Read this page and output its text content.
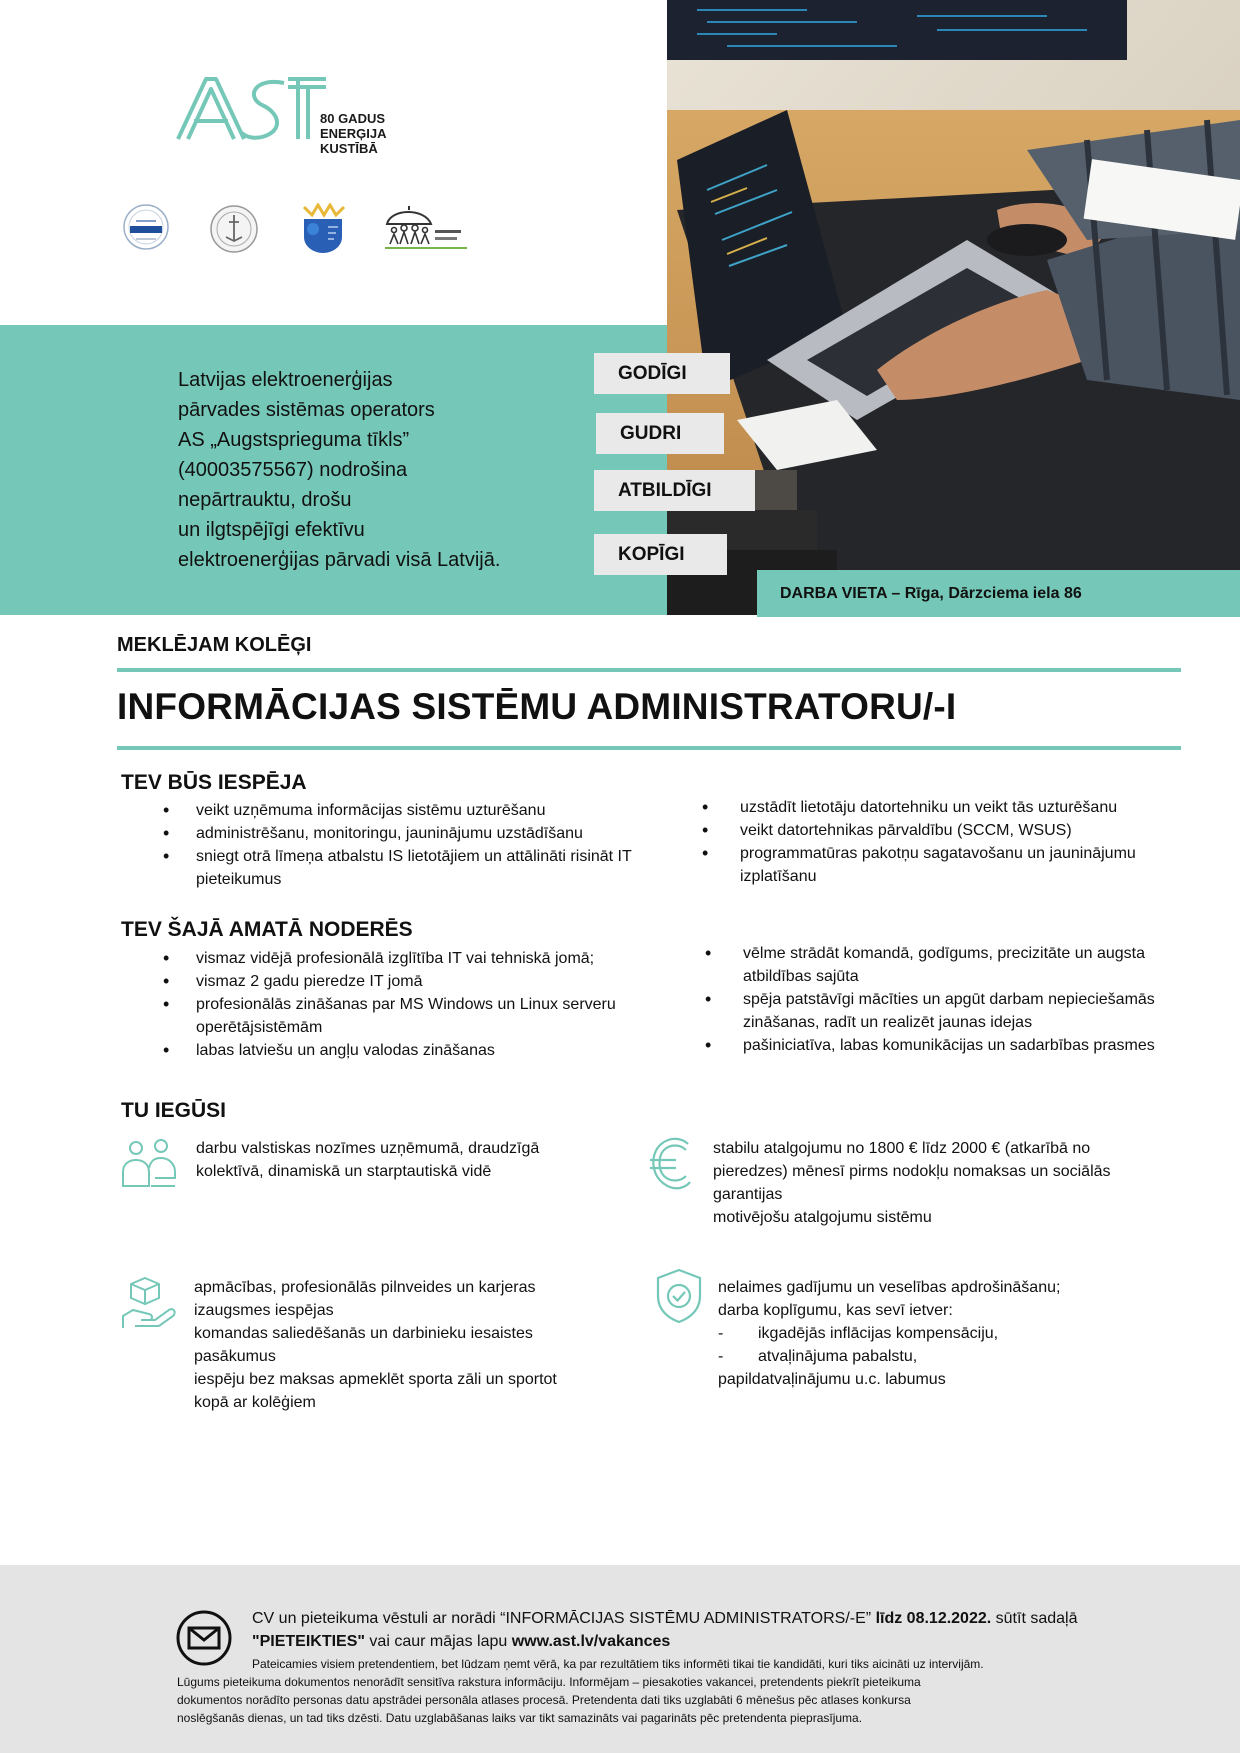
80 GADUS
ENERĢIJA
KUSTĪBĀ
Latvijas elektroenerģijas
pārvades sistēmas operators
AS „Augstsprieguma tīkls”
(40003575567) nodrošina
nepārtrauktu, drošu
un ilgtspējīgi efektīvu
elektroenerģijas pārvadi visā Latvijā.
GODĪGI
GUDRI
ATBILDĪGI
KOPĪGI
DARBA VIETA – Rīga, Dārzciema iela 86
MEKLĒJAM KOLĒĢI
INFORMĀCIJAS SISTĒMU ADMINISTRATORU/-I
TEV BŪS IESPĒJA
• veikt uzņēmuma informācijas sistēmu uzturēšanu
• administrēšanu, monitoringu, jauninājumu uzstādīšanu
• sniegt otrā līmeņa atbalstu IS lietotājiem un attālināti risināt IT pieteikumus
• uzstādīt lietotāju datortehniku un veikt tās uzturēšanu
• veikt datortehnikas pārvaldību (SCCM, WSUS)
• programmatūras pakotņu sagatavošanu un jauninājumu izplatīšanu
TEV ŠAJĀ AMATĀ NODERĒS
• vismaz vidējā profesionālā izglītība IT vai tehniskā jomā;
• vismaz 2 gadu pieredze IT jomā
• profesionālās zināšanas par MS Windows un Linux serveru operētājsistēmām
• labas latviešu un angļu valodas zināšanas
• vēlme strādāt komandā, godīgums, precizitāte un augsta atbildības sajūta
• spēja patstāvīgi mācīties un apgūt darbam nepieciešamās zināšanas, radīt un realizēt jaunas idejas
• pašiniciatīva, labas komunikācijas un sadarbības prasmes
TU IEGŪSI
darbu valstiskas nozīmes uzņēmumā, draudzīgā
kolektīvā, dinamiskā un starptautiskā vidē
stabilu atalgojumu no 1800 € līdz 2000 € (atkarībā no
pieredzes) mēnesī pirms nodokļu nomaksas un sociālās
garantijas
motivējošu atalgojumu sistēmu
apmācības, profesionālās pilnveides un karjeras
izaugsmes iespējas
komandas saliedēšanās un darbinieku iesaistes
pasākumus
iespēju bez maksas apmeklēt sporta zāli un sportot
kopā ar kolēģiem
nelaimes gadījumu un veselības apdrošināšanu;
darba koplīgumu, kas sevī ietver:
-	ikgadējās inflācijas kompensāciju,
-	atvaļinājuma pabalstu,
papildatvaļinājumu u.c. labumus
CV un pieteikuma vēstuli ar norādi “INFORMĀCIJAS SISTĒMU ADMINISTRATORS/-E” līdz 08.12.2022. sūtīt sadaļā
"PIETEIKTIES" vai caur mājas lapu www.ast.lv/vakances
Pateicamies visiem pretendentiem, bet lūdzam ņemt vērā, ka par rezultātiem tiks informēti tikai tie kandidāti, kuri tiks aicināti uz intervijām.
Lūgums pieteikuma dokumentos nenorādīt sensitīva rakstura informāciju. Informējam – piesakoties vakancei, pretendents piekrīt pieteikuma
dokumentos norādīto personas datu apstrādei personāla atlases procesā. Pretendenta dati tiks uzglabāti 6 mēnešus pēc atlases konkursa
noslēgšanās dienas, un tad tiks dzēsti. Datu uzglabāšanas laiks var tikt samazināts vai pagarināts pēc pretendenta pieprasījuma.
